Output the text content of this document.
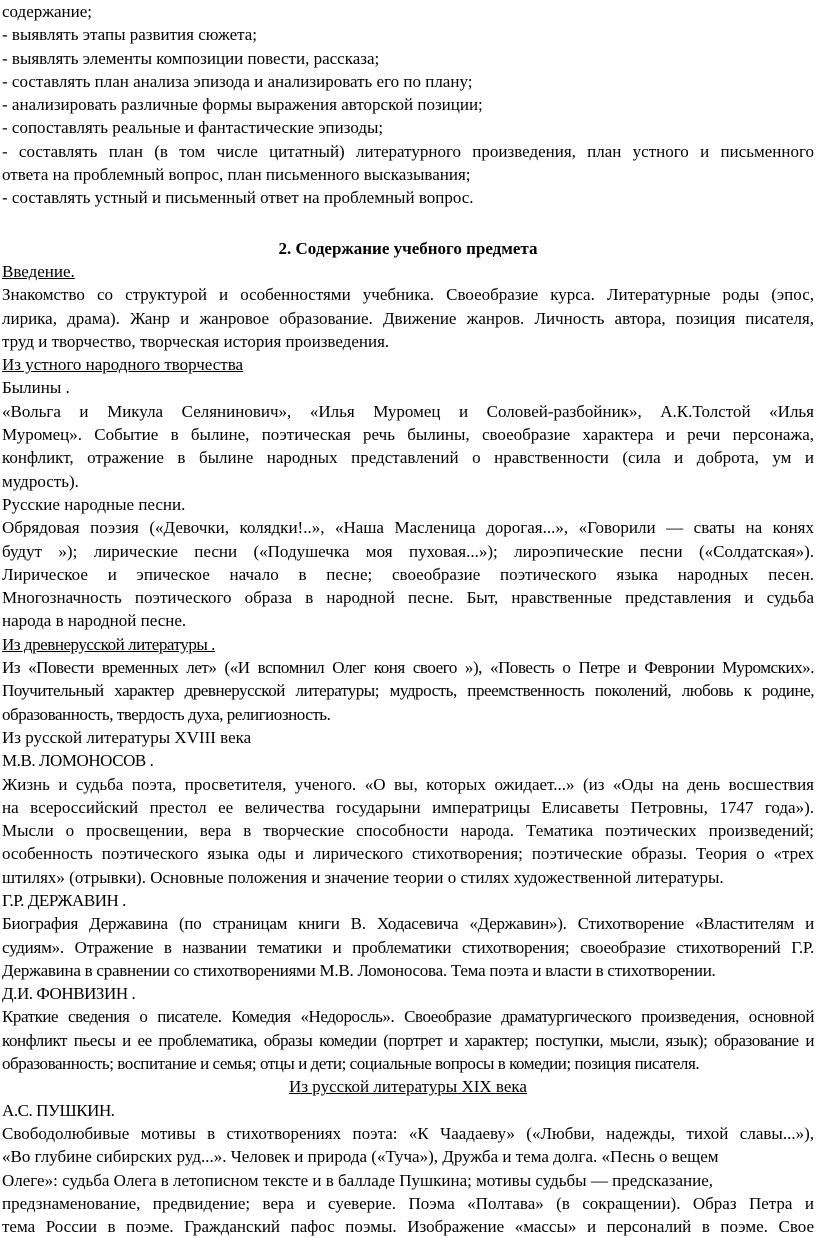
содержание;
- выявлять этапы развития сюжета;
- выявлять элементы композиции повести, рассказа;
- составлять план анализа эпизода и анализировать его по плану;
- анализировать различные формы выражения авторской позиции;
- сопоставлять реальные и фантастические эпизоды;
- составлять план (в том числе цитатный) литературного произведения, план устного и письменного
ответа на проблемный вопрос, план письменного высказывания;
- составлять устный и письменный ответ на проблемный вопрос.
2. Содержание учебного предмета
Введение.
Знакомство со структурой и особенностями учебника. Своеобразие курса. Литературные роды (эпос,
лирика, драма). Жанр и жанровое образование. Движение жанров. Личность автора, позиция писателя,
труд и творчество, творческая история произведения.
Из устного народного творчества
Былины .
«Вольга и Микула Селянинович», «Илья Муромец и Соловей-разбойник», А.К.Толстой «Илья
Муромец». Событие в былине, поэтическая речь былины, своеобразие характера и речи персонажа,
конфликт, отражение в былине народных представлений о нравственности (сила и доброта, ум и
мудрость).
Русские народные песни.
Обрядовая поэзия («Девочки, колядки!..», «Наша Масленица дорогая...», «Говорили — сваты на конях
будут »); лирические песни («Подушечка моя пуховая...»); лироэпические песни («Солдатская»).
Лирическое и эпическое начало в песне; своеобразие поэтического языка народных песен.
Многозначность поэтического образа в народной песне. Быт, нравственные представления и судьба
народа в народной песне.
Из древнерусской литературы .
Из «Повести временных лет» («И вспомнил Олег коня своего »), «Повесть о Петре и Февронии Муромских».
Поучительный характер древнерусской литературы; мудрость, преемственность поколений, любовь к родине,
образованность, твердость духа, религиозность.
Из русской литературы XVIII века
М.В. ЛОМОНОСОВ .
Жизнь и судьба поэта, просветителя, ученого. «О вы, которых ожидает...» (из «Оды на день восшествия
на всероссийский престол ее величества государыни императрицы Елисаветы Петровны, 1747 года»).
Мысли о просвещении, вера в творческие способности народа. Тематика поэтических произведений;
особенность поэтического языка оды и лирического стихотворения; поэтические образы. Теория о «трех
штилях» (отрывки). Основные положения и значение теории о стилях художественной литературы.
Г.Р. ДЕРЖАВИН .
Биография Державина (по страницам книги В. Ходасевича «Державин»). Стихотворение «Властителям и
судиям». Отражение в названии тематики и проблематики стихотворения; своеобразие стихотворений Г.Р.
Державина в сравнении со стихотворениями М.В. Ломоносова. Тема поэта и власти в стихотворении.
Д.И. ФОНВИЗИН .
Краткие сведения о писателе. Комедия «Недоросль». Своеобразие драматургического произведения, основной
конфликт пьесы и ее проблематика, образы комедии (портрет и характер; поступки, мысли, язык); образование и
образованность; воспитание и семья; отцы и дети; социальные вопросы в комедии; позиция писателя.
Из русской литературы XIX века
А.С. ПУШКИН.
Свободолюбивые мотивы в стихотворениях поэта: «К Чаадаеву» («Любви, надежды, тихой славы...»),
«Во глубине сибирских руд...». Человек и природа («Туча»), Дружба и тема долга. «Песнь о вещем
Олеге»: судьба Олега в летописном тексте и в балладе Пушкина; мотивы судьбы — предсказание,
предзнаменование, предвидение; вера и суеверие. Поэма «Полтава» (в сокращении). Образ Петра и
тема России в поэме. Гражданский пафос поэмы. Изображение «массы» и персоналий в поэме. Свое
